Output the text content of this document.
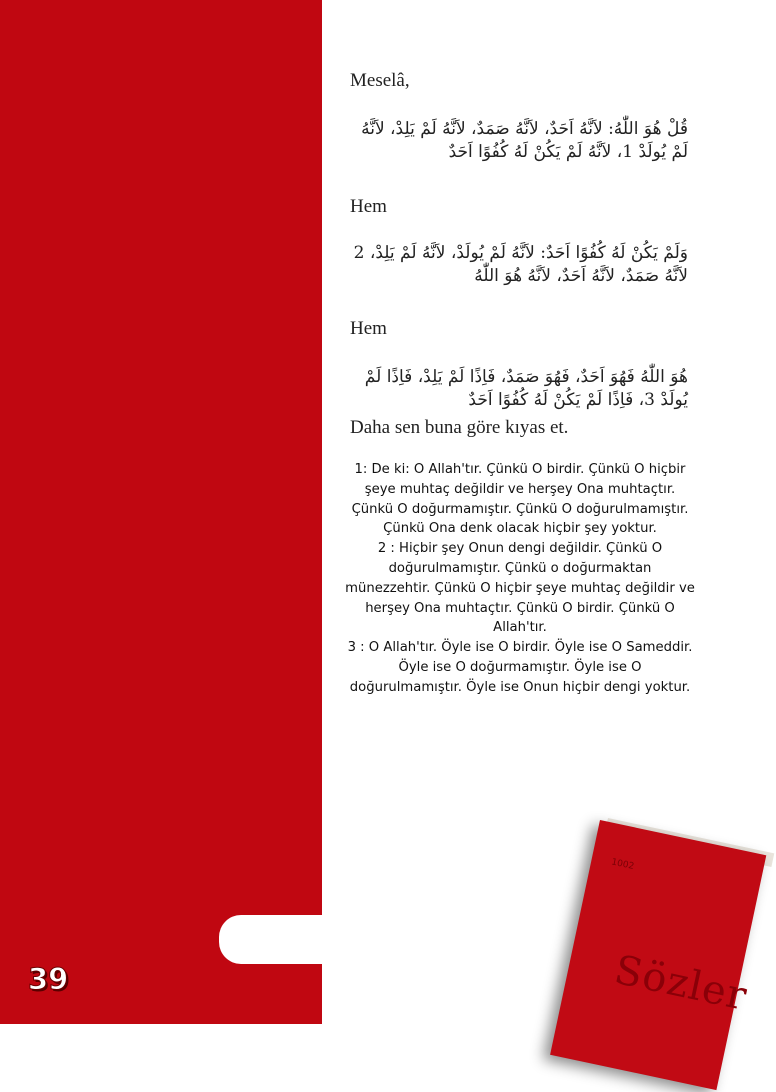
39
Meselâ,
قُلْ هُوَ اللّٰهُ: لاَنَّهُ اَحَدٌ، لاَنَّهُ صَمَدٌ، لاَنَّهُ لَمْ يَلِدْ، لاَنَّهُ لَمْ يُولَدْ 1، لاَنَّهُ لَمْ يَكُنْ لَهُ كُفُوًا اَحَدٌ
Hem
وَلَمْ يَكُنْ لَهُ كُفُوًا اَحَدٌ: لاَنَّهُ لَمْ يُولَدْ، لاَنَّهُ لَمْ يَلِدْ، 2 لاَنَّهُ صَمَدٌ، لاَنَّهُ اَحَدٌ، لاَنَّهُ هُوَ اللّٰهُ
Hem
هُوَ اللّٰهُ فَهُوَ اَحَدٌ، فَهُوَ صَمَدٌ، فَاِذًا لَمْ يَلِدْ، فَاِذًا لَمْ يُولَدْ 3، فَاِذًا لَمْ يَكُنْ لَهُ كُفُوًا اَحَدٌ
Daha sen buna göre kıyas et.

1: De ki: O Allah'tır. Çünkü O birdir. Çünkü O hiçbir şeye muhtaç değildir ve herşey Ona muhtaçtır. Çünkü O doğurmamıştır. Çünkü O doğurulmamıştır. Çünkü Ona denk olacak hiçbir şey yoktur.

2 : Hiçbir şey Onun dengi değildir. Çünkü O doğurulmamıştır. Çünkü o doğurmaktan münezzehtir. Çünkü O hiçbir şeye muhtaç değildir ve herşey Ona muhtaçtır. Çünkü O birdir. Çünkü O Allah'tır.

3 : O Allah'tır. Öyle ise O birdir. Öyle ise O Sameddir. Öyle ise O doğurmamıştır. Öyle ise O doğurulmamıştır. Öyle ise Onun hiçbir dengi yoktur.

1002
​
Sözler
